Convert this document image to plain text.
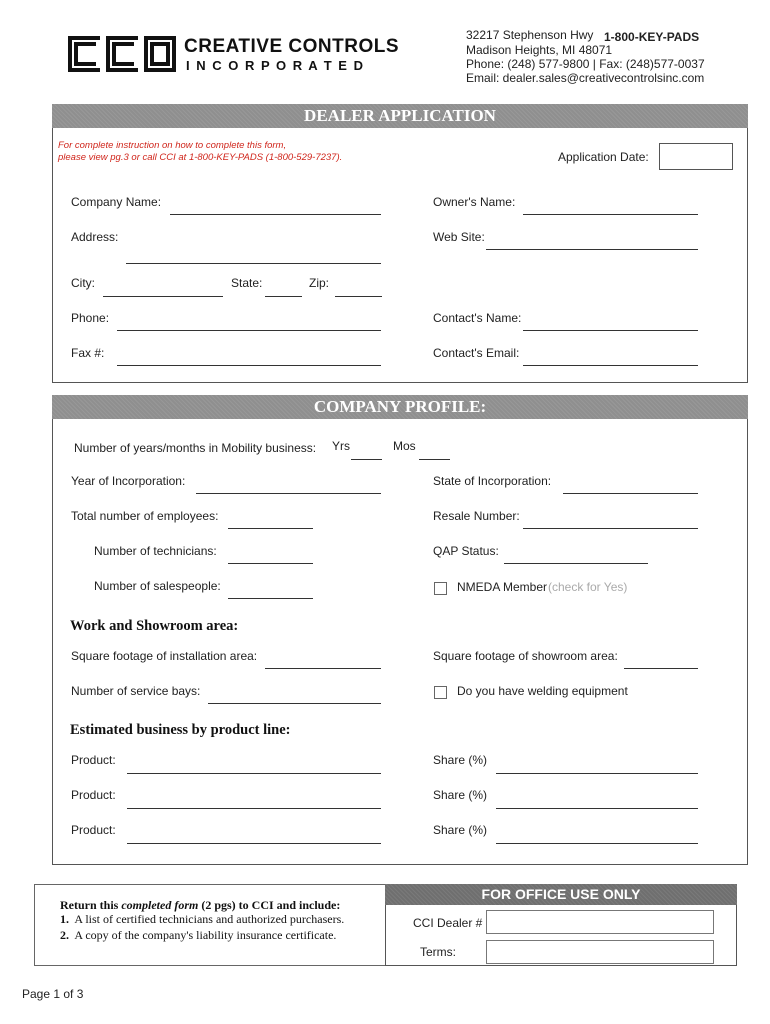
CREATIVE CONTROLS
I N C O R P O R A T E D
32217 Stephenson Hwy 1-800-KEY-PADS
Madison Heights, MI 48071
Phone: (248) 577-9800 | Fax: (248)577-0037
Email: dealer.sales@creativecontrolsinc.com
DEALER APPLICATION
For complete instruction on how to complete this form,
please view pg.3 or call CCI at 1-800-KEY-PADS (1-800-529-7237).	Application Date:
Company Name:	Owner's Name:
Address:	Web Site:
City:	State:	Zip:
Phone:	Contact's Name:
Fax #:	Contact's Email:
COMPANY PROFILE:
Number of years/months in Mobility business: Yrs	Mos
Year of Incorporation:	State of Incorporation:
Total number of employees:	Resale Number:
Number of technicians:	QAP Status:
Number of salespeople:	NMEDA Member (check for Yes)
Work and Showroom area:
Square footage of installation area:	Square footage of showroom area:
Number of service bays:	Do you have welding equipment
Estimated business by product line:
Product:	Share (%)
Product:	Share (%)
Product:	Share (%)
Return this completed form (2 pgs) to CCI and include:
1. A list of certified technicians and authorized purchasers.
2. A copy of the company's liability insurance certificate.
FOR OFFICE USE ONLY
CCI Dealer #
Terms:
Page 1 of 3
